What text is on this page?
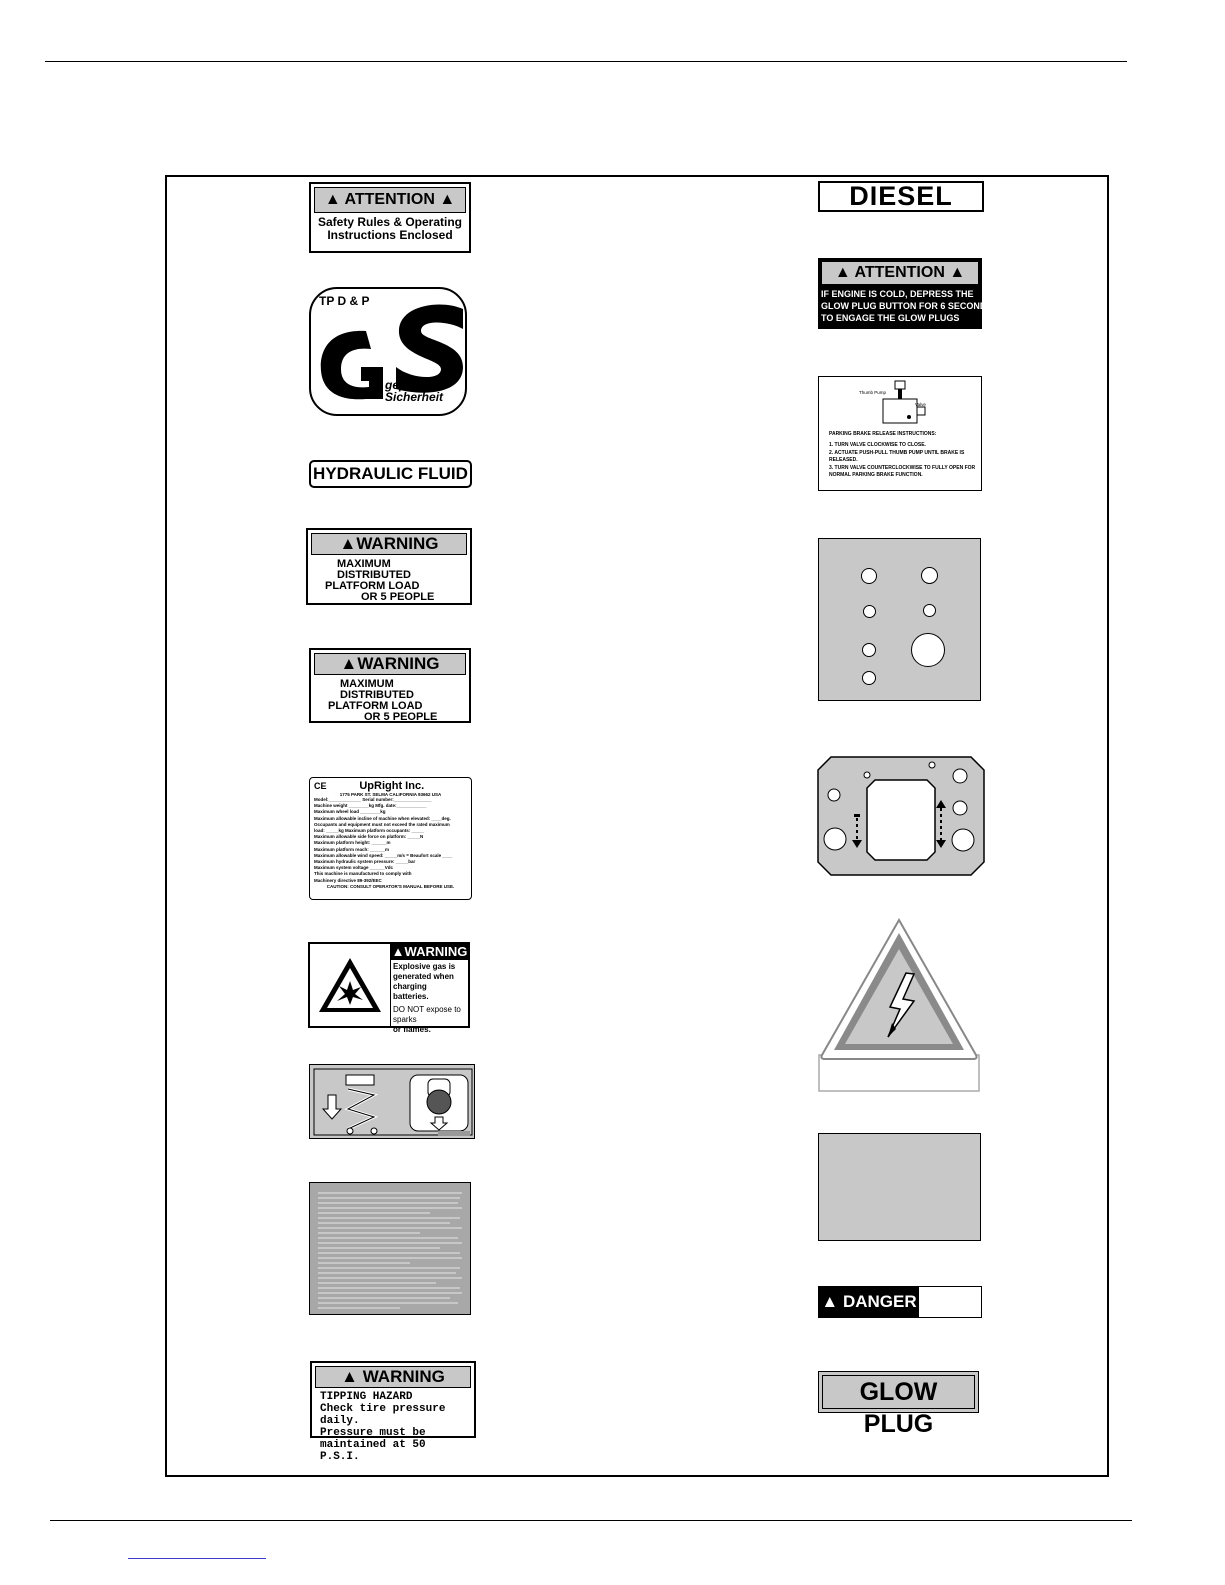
▲ ATTENTION ▲
Safety Rules & Operating
Instructions Enclosed
TP D & P
geprüfte
Sicherheit
HYDRAULIC FLUID
▲WARNING
MAXIMUM DISTRIBUTED
PLATFORM LOAD
OR 5 PEOPLE
▲WARNING
MAXIMUM DISTRIBUTED
PLATFORM LOAD
OR 5 PEOPLE
CE	UpRight Inc.
1775 PARK ST. SELMA CALIFORNIA 93662 USA
Model:_____________ Serial number:_______________
Machine weight ________kg Mfg. date:____________
Maximum wheel load ________kg
Maximum allowable incline of machine when elevated: ____deg.
Occupants and equipment must not exceed the rated maximum
load: _____kg Maximum platform occupants: _____
Maximum allowable side force on platform: _____N
Maximum platform height: ______m
Maximum platform reach: ______m
Maximum allowable wind speed: _____m/s = Beaufort scale ____
Maximum hydraulic system pressure: _____bar
Maximum system voltage ______Vdc
This machine is manufactured to comply with
Machinery directive 89-392/EEC
CAUTION: CONSULT OPERATOR'S MANUAL BEFORE USE.
▲WARNING
Explosive gas is
generated when charging
batteries.
DO NOT expose to sparks
or flames.
▲ WARNING
TIPPING HAZARD
Check tire pressure daily.
Pressure must be
maintained at 50 P.S.I.
DIESEL
▲ ATTENTION ▲
IF ENGINE IS COLD, DEPRESS THE
GLOW PLUG BUTTON FOR 6 SECONDS
TO ENGAGE THE GLOW PLUGS
Thumb Pump
Valve
PARKING BRAKE RELEASE INSTRUCTIONS:
1. TURN VALVE CLOCKWISE TO CLOSE.
2. ACTUATE PUSH-PULL THUMB PUMP UNTIL BRAKE IS RELEASED.
3. TURN VALVE COUNTERCLOCKWISE TO FULLY OPEN FOR NORMAL PARKING BRAKE FUNCTION.
▲ DANGER
GLOW PLUG
